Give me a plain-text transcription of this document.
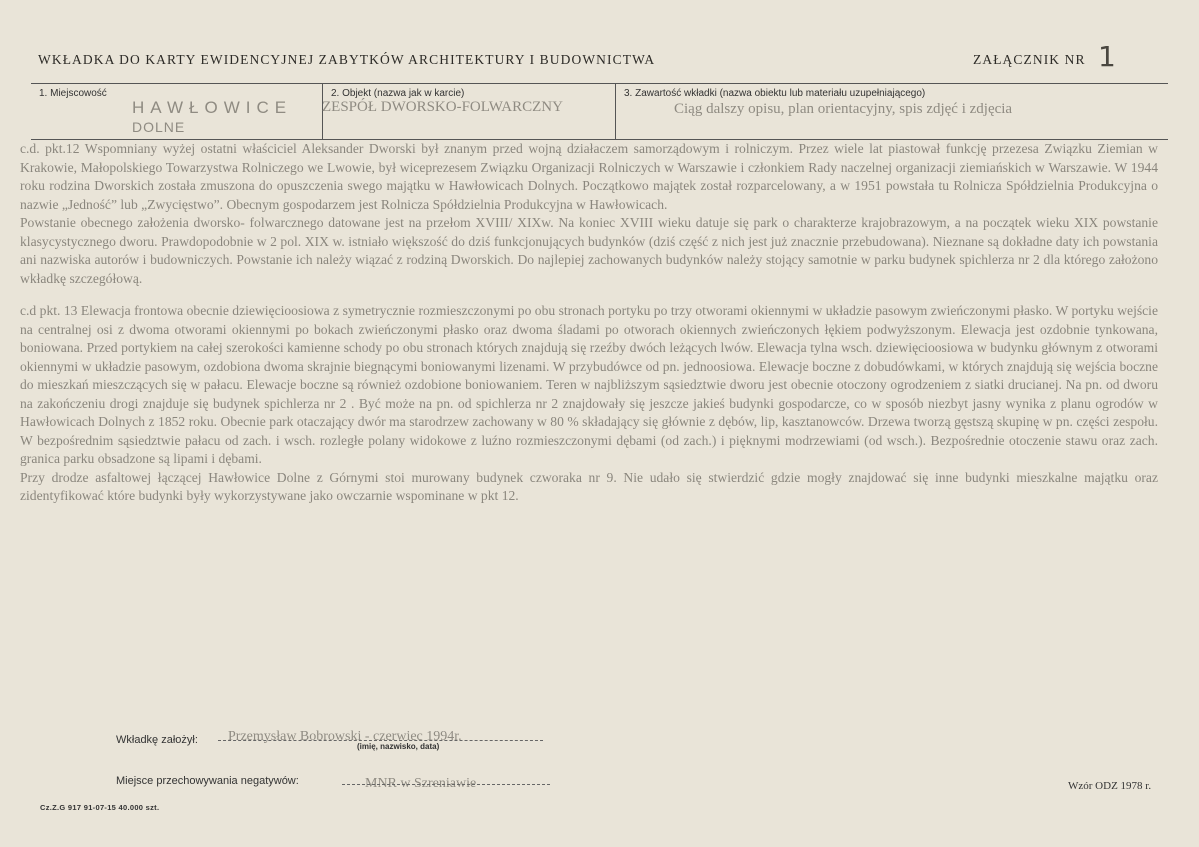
WKŁADKA DO KARTY EWIDENCYJNEJ ZABYTKÓW ARCHITEKTURY I BUDOWNICTWA	ZAŁĄCZNIK NR 1
1. Miejscowość
HAWŁOWICE
DOLNE
2. Objekt (nazwa jak w karcie)
ZESPÓŁ DWORSKO-FOLWARCZNY
3. Zawartość wkładki (nazwa obiektu lub materiału uzupełniającego)
Ciąg dalszy opisu, plan orientacyjny, spis zdjęć i zdjęcia

c.d. pkt.12 Wspomniany wyżej ostatni właściciel Aleksander Dworski był znanym przed wojną działaczem samorządowym i rolniczym. Przez wiele lat piastował funkcję przezesa Związku Ziemian w Krakowie, Małopolskiego Towarzystwa Rolniczego we Lwowie, był wiceprezesem Związku Organizacji Rolniczych w Warszawie i członkiem Rady naczelnej organizacji ziemiańskich w Warszawie. W 1944 roku rodzina Dworskich została zmuszona do opuszczenia swego majątku w Hawłowicach Dolnych. Początkowo majątek został rozparcelowany, a w 1951 powstała tu Rolnicza Spółdzielnia Produkcyjna o nazwie „Jedność” lub „Zwycięstwo”. Obecnym gospodarzem jest Rolnicza Spółdzielnia Produkcyjna w Hawłowicach.

Powstanie obecnego założenia dworsko- folwarcznego datowane jest na przełom XVIII/ XIXw. Na koniec XVIII wieku datuje się park o charakterze krajobrazowym, a na początek wieku XIX powstanie klasycystycznego dworu. Prawdopodobnie w 2 pol. XIX w. istniało większość do dziś funkcjonujących budynków (dziś część z nich jest już znacznie przebudowana). Nieznane są dokładne daty ich powstania ani nazwiska autorów i budowniczych. Powstanie ich należy wiązać z rodziną Dworskich. Do najlepiej zachowanych budynków należy stojący samotnie w parku budynek spichlerza nr 2 dla którego założono wkładkę szczegółową.

c.d pkt. 13 Elewacja frontowa obecnie dziewięcioosiowa z symetrycznie rozmieszczonymi po obu stronach portyku po trzy otworami okiennymi w układzie pasowym zwieńczonymi płasko. W portyku wejście na centralnej osi z dwoma otworami okiennymi po bokach zwieńczonymi płasko oraz dwoma śladami po otworach okiennych zwieńczonych łękiem podwyższonym. Elewacja jest ozdobnie tynkowana, boniowana. Przed portykiem na całej szerokości kamienne schody po obu stronach których znajdują się rzeźby dwóch leżących lwów. Elewacja tylna wsch. dziewięcioosiowa w budynku głównym z otworami okiennymi w układzie pasowym, ozdobiona dwoma skrajnie biegnącymi boniowanymi lizenami. W przybudówce od pn. jednoosiowa. Elewacje boczne z dobudówkami, w których znajdują się wejścia boczne do mieszkań mieszczących się w pałacu. Elewacje boczne są również ozdobione boniowaniem. Teren w najbliższym sąsiedztwie dworu jest obecnie otoczony ogrodzeniem z siatki drucianej. Na pn. od dworu na zakończeniu drogi znajduje się budynek spichlerza nr 2 . Być może na pn. od spichlerza nr 2 znajdowały się jeszcze jakieś budynki gospodarcze, co w sposób niezbyt jasny wynika z planu ogrodów w Hawłowicach Dolnych z 1852 roku. Obecnie park otaczający dwór ma starodrzew zachowany w 80 % składający się głównie z dębów, lip, kasztanowców. Drzewa tworzą gęstszą skupinę w pn. części zespołu. W bezpośrednim sąsiedztwie pałacu od zach. i wsch. rozległe polany widokowe z luźno rozmieszczonymi dębami (od zach.) i pięknymi modrzewiami (od wsch.). Bezpośrednie otoczenie stawu oraz zach. granica parku obsadzone są lipami i dębami.

Przy drodze asfaltowej łączącej Hawłowice Dolne z Górnymi stoi murowany budynek czworaka nr 9. Nie udało się stwierdzić gdzie mogły znajdować się inne budynki mieszkalne majątku oraz zidentyfikować które budynki były wykorzystywane jako owczarnie wspominane w pkt 12.

Wkładkę założył: Przemysław Bobrowski - czerwiec 1994r.
(imię, nazwisko, data)
Miejsce przechowywania negatywów:	MNR w Szreniawie
Cz.Z.G 917 91-07-15 40.000 szt.
Wzór ODZ 1978 r.
